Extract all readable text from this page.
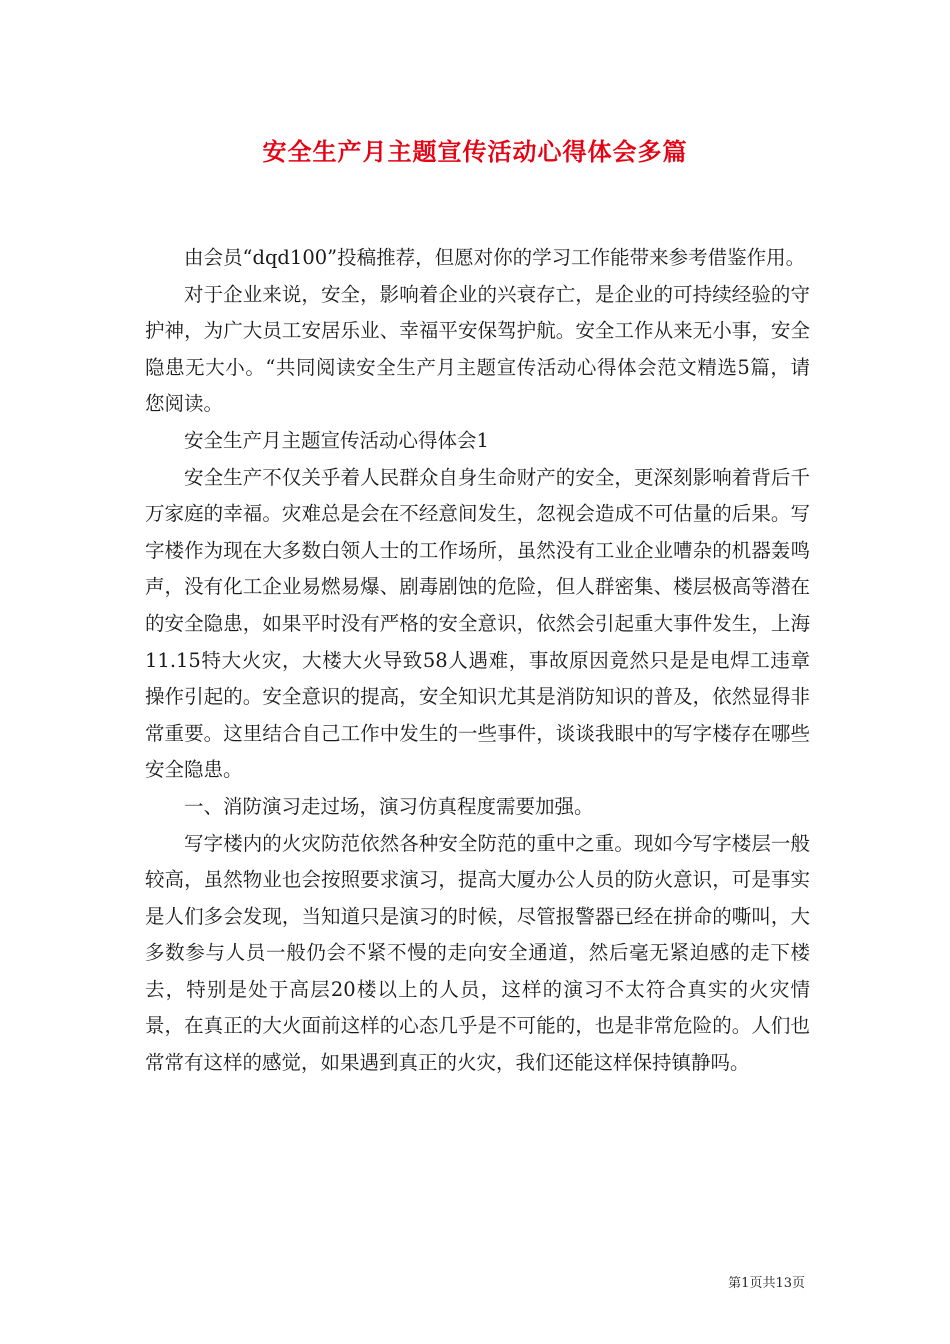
安全生产月主题宣传活动心得体会多篇

由会员“dqd100”投稿推荐，但愿对你的学习工作能带来参考借鉴作用。

对于企业来说，安全，影响着企业的兴衰存亡，是企业的可持续经验的守护神，为广大员工安居乐业、幸福平安保驾护航。安全工作从来无小事，安全隐患无大小。“共同阅读安全生产月主题宣传活动心得体会范文精选5篇，请您阅读。

安全生产月主题宣传活动心得体会1

安全生产不仅关乎着人民群众自身生命财产的安全，更深刻影响着背后千万家庭的幸福。灾难总是会在不经意间发生，忽视会造成不可估量的后果。写字楼作为现在大多数白领人士的工作场所，虽然没有工业企业嘈杂的机器轰鸣声，没有化工企业易燃易爆、剧毒剧蚀的危险，但人群密集、楼层极高等潜在的安全隐患，如果平时没有严格的安全意识，依然会引起重大事件发生，上海11.15特大火灾，大楼大火导致58人遇难，事故原因竟然只是是电焊工违章操作引起的。安全意识的提高，安全知识尤其是消防知识的普及，依然显得非常重要。这里结合自己工作中发生的一些事件，谈谈我眼中的写字楼存在哪些安全隐患。

一、消防演习走过场，演习仿真程度需要加强。

写字楼内的火灾防范依然各种安全防范的重中之重。现如今写字楼层一般较高，虽然物业也会按照要求演习，提高大厦办公人员的防火意识，可是事实是人们多会发现，当知道只是演习的时候，尽管报警器已经在拼命的嘶叫，大多数参与人员一般仍会不紧不慢的走向安全通道，然后毫无紧迫感的走下楼去，特别是处于高层20楼以上的人员，这样的演习不太符合真实的火灾情景，在真正的大火面前这样的心态几乎是不可能的，也是非常危险的。人们也常常有这样的感觉，如果遇到真正的火灾，我们还能这样保持镇静吗。

第1页共13页
